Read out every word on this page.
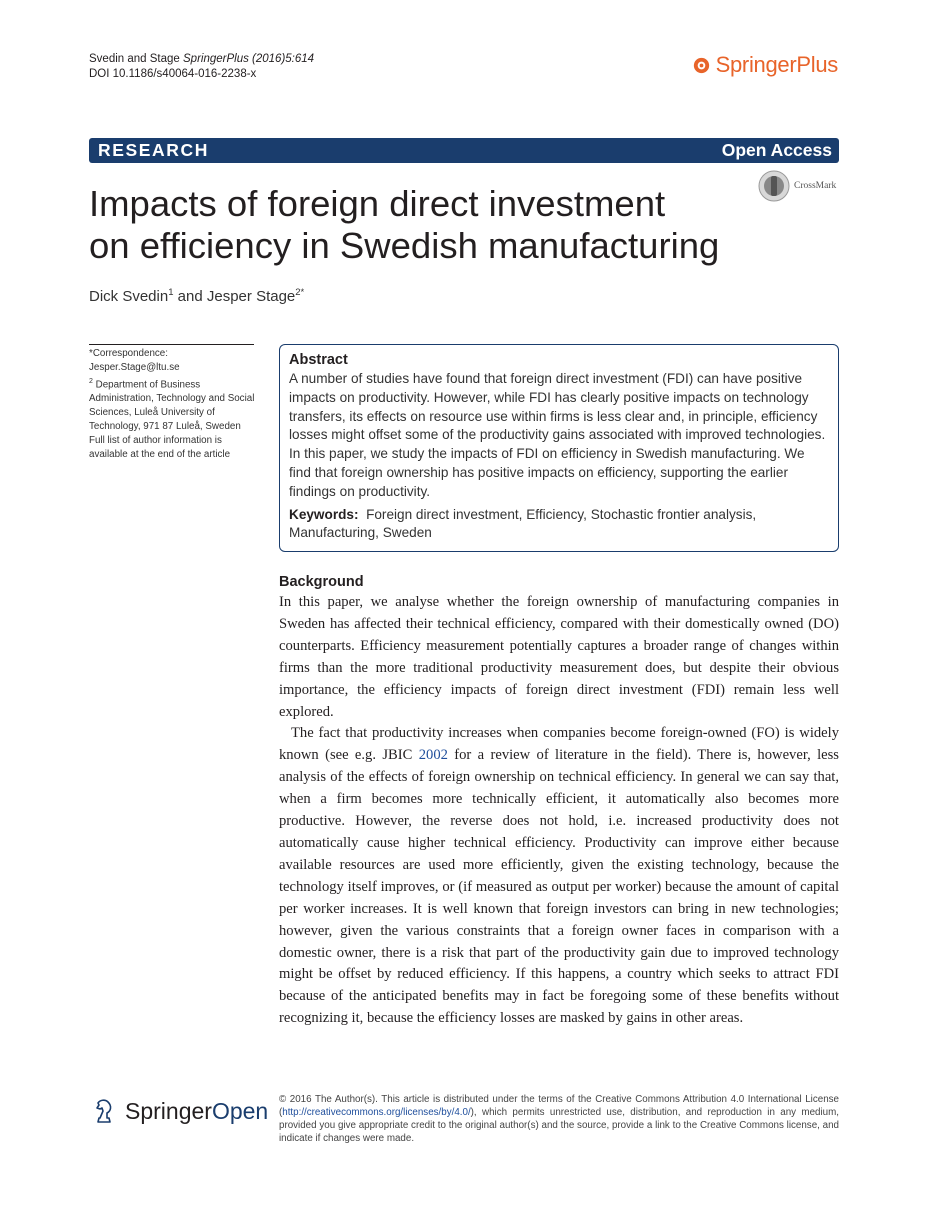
Svedin and Stage SpringerPlus (2016)5:614
DOI 10.1186/s40064-016-2238-x	SpringerPlus
RESEARCH	Open Access
Impacts of foreign direct investment
on efficiency in Swedish manufacturing
CrossMark
Dick Svedin$^1$ and Jesper Stage$^{2*}$

*Correspondence:

Jesper.Stage@ltu.se

$^2$ Department of Business Administration, Technology and Social Sciences, Luleå University of Technology, 971 87 Luleå, Sweden

Full list of author information is available at the end of the article

Abstract
A number of studies have found that foreign direct investment (FDI) can have positive impacts on productivity. However, while FDI has clearly positive impacts on technology transfers, its effects on resource use within firms is less clear and, in principle, efficiency losses might offset some of the productivity gains associated with improved technologies. In this paper, we study the impacts of FDI on efficiency in Swedish manufacturing. We find that foreign ownership has positive impacts on efficiency, supporting the earlier findings on productivity.
Keywords: Foreign direct investment, Efficiency, Stochastic frontier analysis, Manufacturing, Sweden
Background

In this paper, we analyse whether the foreign ownership of manufacturing companies in Sweden has affected their technical efficiency, compared with their domestically owned (DO) counterparts. Efficiency measurement potentially captures a broader range of changes within firms than the more traditional productivity measurement does, but despite their obvious importance, the efficiency impacts of foreign direct investment (FDI) remain less well explored.

The fact that productivity increases when companies become foreign-owned (FO) is widely known (see e.g. JBIC 2002 for a review of literature in the field). There is, however, less analysis of the effects of foreign ownership on technical efficiency. In general we can say that, when a firm becomes more technically efficient, it automatically also becomes more productive. However, the reverse does not hold, i.e. increased productivity does not automatically cause higher technical efficiency. Productivity can improve either because available resources are used more efficiently, given the existing technology, because the technology itself improves, or (if measured as output per worker) because the amount of capital per worker increases. It is well known that foreign investors can bring in new technologies; however, given the various constraints that a foreign owner faces in comparison with a domestic owner, there is a risk that part of the productivity gain due to improved technology might be offset by reduced efficiency. If this happens, a country which seeks to attract FDI because of the anticipated benefits may in fact be foregoing some of these benefits without recognizing it, because the efficiency losses are masked by gains in other areas.

SpringerOpen © 2016 The Author(s). This article is distributed under the terms of the Creative Commons Attribution 4.0 International License (http://creativecommons.org/licenses/by/4.0/), which permits unrestricted use, distribution, and reproduction in any medium, provided you give appropriate credit to the original author(s) and the source, provide a link to the Creative Commons license, and indicate if changes were made.
